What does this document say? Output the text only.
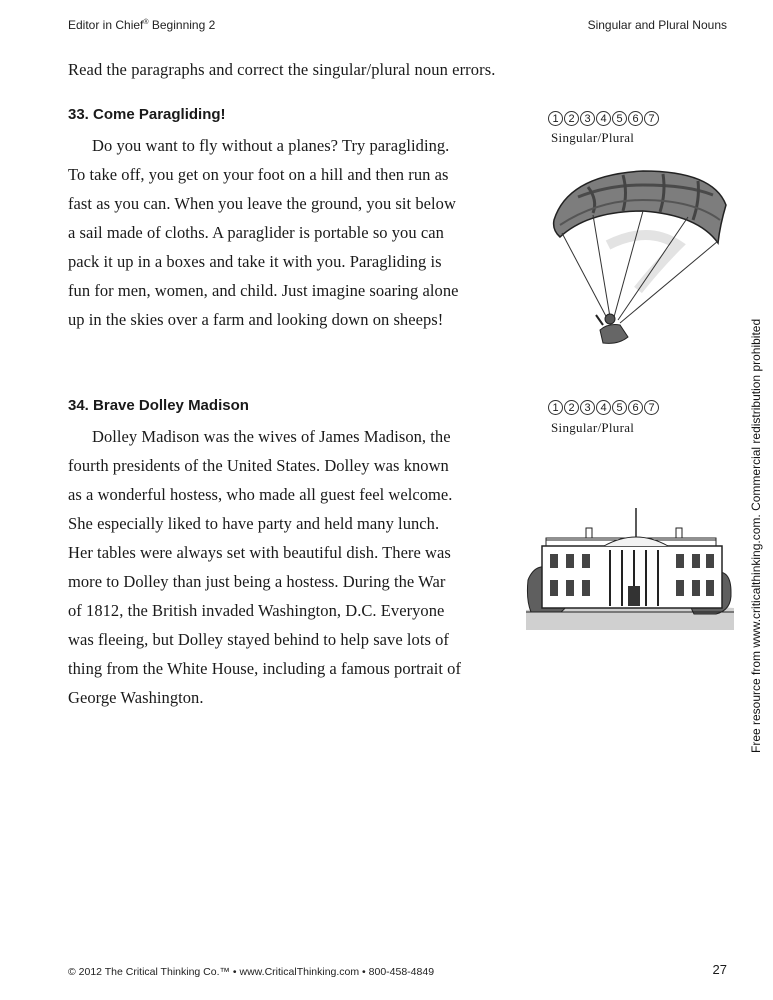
Editor in Chief® Beginning 2	Singular and Plural Nouns
Read the paragraphs and correct the singular/plural noun errors.
33. Come Paragliding!
Do you want to fly without a planes? Try paragliding.
To take off, you get on your foot on a hill and then run as
fast as you can. When you leave the ground, you sit below
a sail made of cloths. A paraglider is portable so you can
pack it up in a boxes and take it with you. Paragliding is
fun for men, women, and child. Just imagine soaring alone
up in the skies over a farm and looking down on sheeps!
1 2 3 4 5 6 7
Singular/Plural
34. Brave Dolley Madison
Dolley Madison was the wives of James Madison, the
fourth presidents of the United States. Dolley was known
as a wonderful hostess, who made all guest feel welcome.
She especially liked to have party and held many lunch.
Her tables were always set with beautiful dish. There was
more to Dolley than just being a hostess. During the War
of 1812, the British invaded Washington, D.C. Everyone
was fleeing, but Dolley stayed behind to help save lots of
thing from the White House, including a famous portrait of
George Washington.
1 2 3 4 5 6 7
Singular/Plural	Free resource from www.criticalthinking.com. Commercial redistribution prohibited
© 2012 The Critical Thinking Co.™ • www.CriticalThinking.com • 800-458-4849	27
